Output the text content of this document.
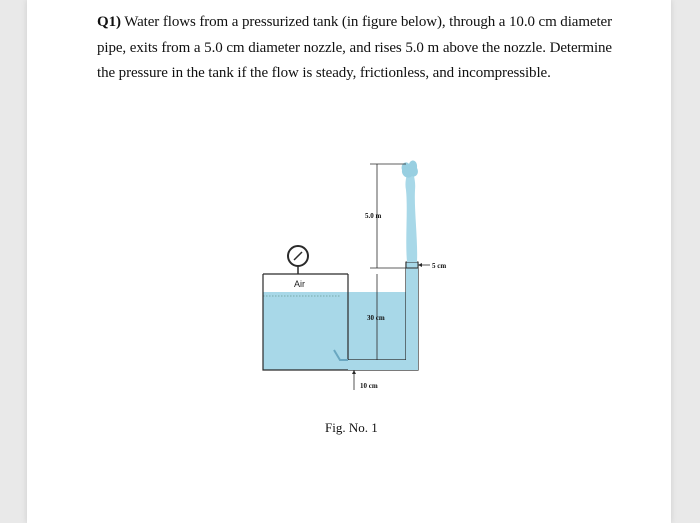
Q1) Water flows from a pressurized tank (in figure below), through a 10.0 cm diameter pipe, exits from a 5.0 cm diameter nozzle, and rises 5.0 m above the nozzle. Determine the pressure in the tank if the flow is steady, frictionless, and incompressible.
Air
5.0 m
5 cm
30 cm
10 cm
Fig. No. 1
